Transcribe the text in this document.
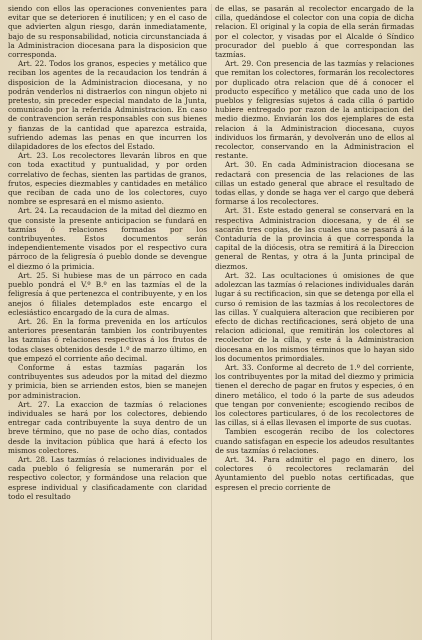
siendo con ellos las operaciones convenientes para evitar que se deterioren é inutilicen; y en el caso de que advierten algun riesgo, darán inmediatamente, bajo de su responsabilidad, noticia circunstanciada á la Administracion diocesana para la disposicion que corresponda.

Art. 22. Todos los granos, especies y metálico que reciban los agentes de la recaudacion los tendrán á disposicion de la Administracion diocesana, y no podrán venderlos ni distraerlos con ningun objeto ni pretesto, sin preceder especial mandato de la Junta, comunicado por la referida Administracion. En caso de contravencion serán responsables con sus bienes y fianzas de la cantidad que aparezca estraida, sufriendo ademas las penas en que incurren los dilapidadores de los efectos del Estado.

Art. 23. Los recolectores llevarán libros en que con toda exactitud y puntualidad, y por orden correlativo de fechas, sienten las partidas de granos, frutos, especies diezmables y cantidades en metálico que reciban de cada uno de los colectores, cuyo nombre se espresará en el mismo asiento.

Art. 24. La recaudacion de la mitad del diezmo en que consiste la presente anticipacion se fundará en tazmías ó relaciones formadas por los contribuyentes. Estos documentos serán independientemente visados por el respectivo cura párroco de la feligresía ó pueblo donde se devengue el diezmo ó la primicia.

Art. 25. Si hubiese mas de un párroco en cada pueblo pondrá el V.º B.º en las tazmías el de la feligresía á que pertenezca el contribuyente, y en los anejos ó filiales detemplados este encargo el eclesiástico encargado de la cura de almas.

Art. 26. En la forma prevenida en los artículos anteriores presentarán tambien los contribuyentes las tazmías ó relaciones respectivas á los frutos de todas clases obtenidos desde 1.º de marzo último, en que empezó el corriente año decimal.

Conforme á estas tazmías pagarán los contribuyentes sus adeudos por la mitad del diezmo y primicia, bien se arrienden estos, bien se manejen por administracion.

Art. 27. La exaccion de tazmías ó relaciones individuales se hará por los colectores, debiendo entregar cada contribuyente la suya dentro de un breve término, que no pase de ocho días, contados desde la invitacion pública que hará á efecto los mismos colectores.

Art. 28. Las tazmías ó relaciones individuales de cada pueblo ó feligresía se numerarán por el respectivo colector, y formándose una relacion que esprese individual y clasificadamente con claridad todo el resultado

de ellas, se pasarán al recolector encargado de la cilla, quedándose el colector con una copia de dicha relacion. El original y la copia de ella serán firmadas por el colector, y visadas por el Alcalde ó Síndico procurador del pueblo á que correspondan las tazmías.

Art. 29. Con presencia de las tazmías y relaciones que remitan los colectores, formarán los recolectores por duplicado otra relacion que dé á conocer el producto específico y metálico que cada uno de los pueblos y feligresías sujetos á cada cilla ó partido hubiere entregado por razon de la anticipacion del medio diezmo. Enviarán los dos ejemplares de esta relacion á la Administracion diocesana, cuyos individuos los firmarán, y devolverán uno de ellos al recolector, conservando en la Administracion el restante.

Art. 30. En cada Administracion diocesana se redactará con presencia de las relaciones de las cillas un estado general que abrace el resultado de todas ellas, y donde se haga ver el cargo que deberá formarse á los recolectores.

Art. 31. Este estado general se conservará en la respectiva Administracion diocesana, y de él se sacarán tres copias, de las cuales una se pasará á la Contaduría de la provincia á que corresponda la capital de la diócesis, otra se remitirá á la Direccion general de Rentas, y otra á la Junta principal de diezmos.

Art. 32. Las ocultaciones ú omisiones de que adolezcan las tazmías ó relaciones individuales darán lugar á su rectificacion, sin que se detenga por ella el curso ó remision de las tazmías á los recolectores de las cillas. Y cualquiera alteracion que recibieren por efecto de dichas rectificaciones, será objeto de una relacion adicional, que remitirán los colectores al recolector de la cilla, y este á la Administracion diocesana en los mismos términos que lo hayan sido los documentos primordiales.

Art. 33. Conforme al decreto de 1.º del corriente, los contribuyentes por la mitad del diezmo y primicia tienen el derecho de pagar en frutos y especies, ó en dinero metálico, el todo ó la parte de sus adeudos que tengan por conveniente; escogiendo recibos de los colectores particulares, ó de los recolectores de las cillas, si á ellas llevasen el importe de sus cuotas.

Tambien escogerán recibo de los colectores cuando satisfagan en especie los adeudos resultantes de sus tazmías ó relaciones.

Art. 34. Para admitir el pago en dinero, los colectores ó recolectores reclamarán del Ayuntamiento del pueblo notas certificadas, que espresen el precio corriente de
